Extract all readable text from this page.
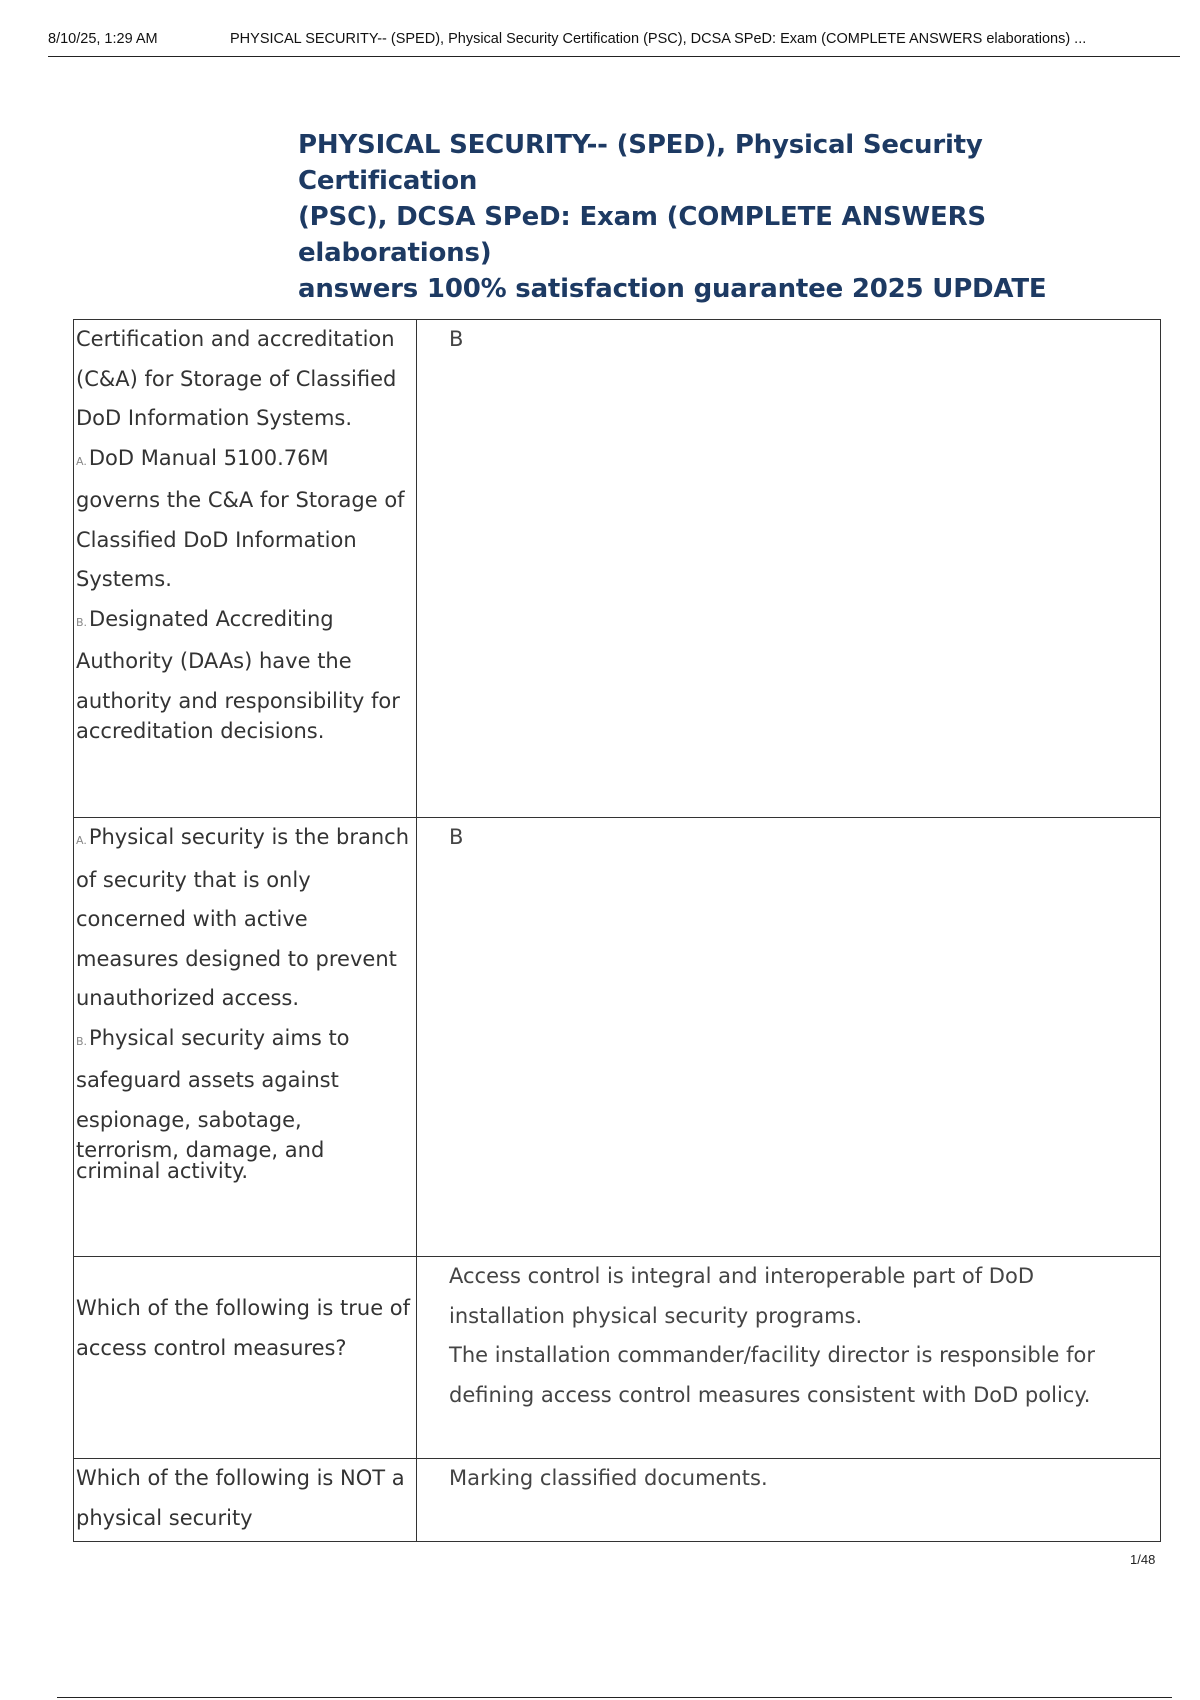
8/10/25, 1:29 AM	PHYSICAL SECURITY-- (SPED), Physical Security Certification (PSC), DCSA SPeD: Exam (COMPLETE ANSWERS elaborations) ...
PHYSICAL SECURITY-- (SPED), Physical Security Certification
(PSC), DCSA SPeD: Exam (COMPLETE ANSWERS elaborations)
answers 100% satisfaction guarantee 2025 UPDATE
Certification and accreditation (C&A) for Storage of Classified DoD Information Systems.
A.DoD Manual 5100.76M governs the C&A for Storage of Classified DoD Information Systems.
B.Designated Accrediting Authority (DAAs) have the authority and responsibility for
accreditation decisions.	B
A.Physical security is the branch of security that is only concerned with active measures designed to prevent unauthorized access.
B.Physical security aims to safeguard assets against espionage, sabotage,
terrorism, damage, and criminal activity.	B

Which of the following is true of access control measures?	Access control is integral and interoperable part of DoD installation physical security programs.
The installation commander/facility director is responsible for defining access control measures consistent with DoD policy.

Which of the following is NOT a physical security	Marking classified documents.
1/48
